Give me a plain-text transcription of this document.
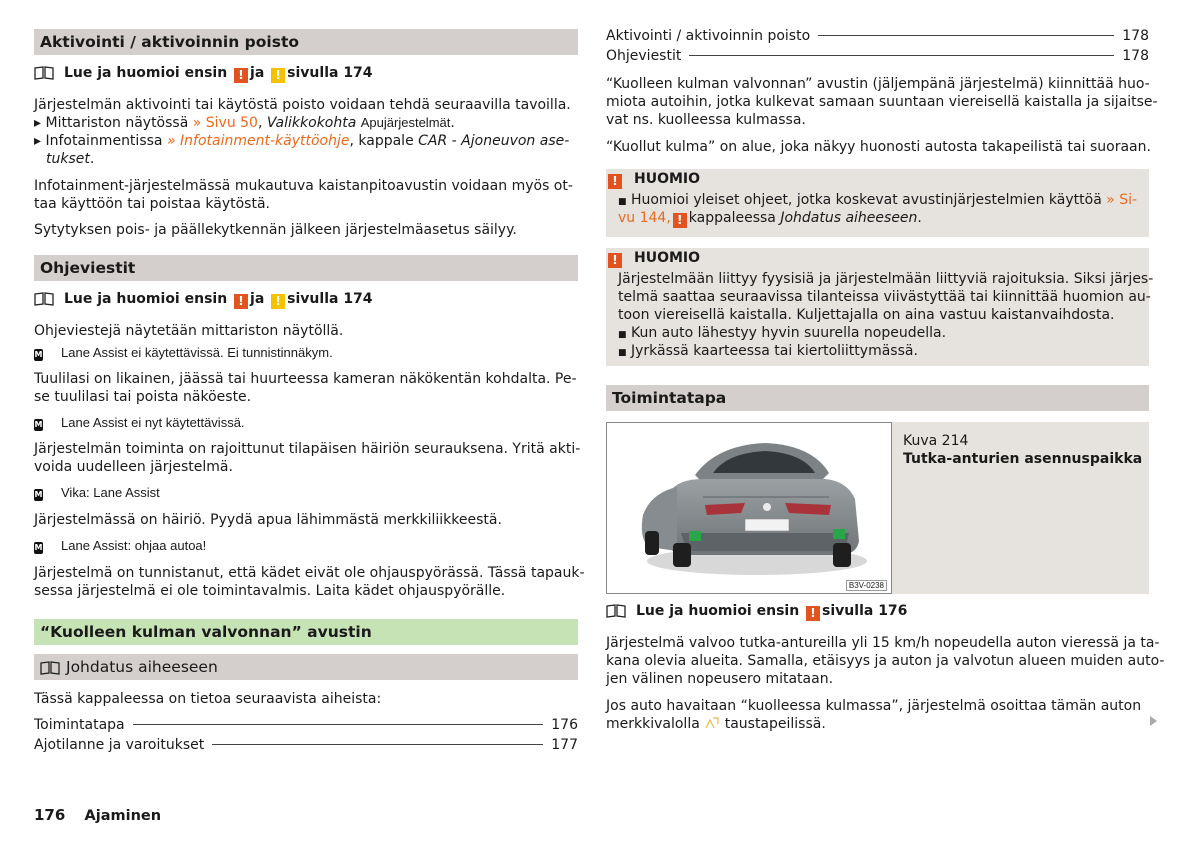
Aktivointi / aktivoinnin poisto
Lue ja huomioi ensin ! ja ! sivulla 174
Järjestelmän aktivointi tai käytöstä poisto voidaan tehdä seuraavilla tavoilla.
▸ Mittariston näytössä » Sivu 50, Valikkokohta Apujärjestelmät.
▸ Infotainmentissa » Infotainment-käyttöohje, kappale CAR - Ajoneuvon ase-
tukset.
Infotainment-järjestelmässä mukautuva kaistanpitoavustin voidaan myös ot-
taa käyttöön tai poistaa käytöstä.
Sytytyksen pois- ja päällekytkennän jälkeen järjestelmäasetus säilyy.
Ohjeviestit
Lue ja huomioi ensin ! ja ! sivulla 174
Ohjeviestejä näytetään mittariston näytöllä.
M Lane Assist ei käytettävissä. Ei tunnistinnäkym.
Tuulilasi on likainen, jäässä tai huurteessa kameran näkökentän kohdalta. Pe-
se tuulilasi tai poista näköeste.
M Lane Assist ei nyt käytettävissä.
Järjestelmän toiminta on rajoittunut tilapäisen häiriön seurauksena. Yritä akti-
voida uudelleen järjestelmä.
M Vika: Lane Assist
Järjestelmässä on häiriö. Pyydä apua lähimmästä merkkiliikkeestä.
M Lane Assist: ohjaa autoa!
Järjestelmä on tunnistanut, että kädet eivät ole ohjauspyörässä. Tässä tapauk-
sessa järjestelmä ei ole toimintavalmis. Laita kädet ohjauspyörälle.
“Kuolleen kulman valvonnan” avustin
Johdatus aiheeseen
Tässä kappaleessa on tietoa seuraavista aiheista:
Toimintatapa	176
Ajotilanne ja varoitukset	177
Aktivointi / aktivoinnin poisto	178
Ohjeviestit	178
“Kuolleen kulman valvonnan” avustin (jäljempänä järjestelmä) kiinnittää huo-
miota autoihin, jotka kulkevat samaan suuntaan viereisellä kaistalla ja sijaitse-
vat ns. kuolleessa kulmassa.
“Kuollut kulma” on alue, joka näkyy huonosti autosta takapeilistä tai suoraan.
! HUOMIO
■ Huomioi yleiset ohjeet, jotka koskevat avustinjärjestelmien käyttöä » Si-
vu 144, ! kappaleessa Johdatus aiheeseen.
! HUOMIO
Järjestelmään liittyy fyysisiä ja järjestelmään liittyviä rajoituksia. Siksi järjes-
telmä saattaa seuraavissa tilanteissa viivästyttää tai kiinnittää huomion au-
toon viereisellä kaistalla. Kuljettajalla on aina vastuu kaistanvaihdosta.
■ Kun auto lähestyy hyvin suurella nopeudella.
■ Jyrkässä kaarteessa tai kiertoliittymässä.
Toimintatapa
B3V-0238
Kuva 214
Tutka-anturien asennuspaikka
Lue ja huomioi ensin ! sivulla 176
Järjestelmä valvoo tutka-antureilla yli 15 km/h nopeudella auton vieressä ja ta-
kana olevia alueita. Samalla, etäisyys ja auton ja valvotun alueen muiden auto-
jen välinen nopeusero mitataan.
Jos auto havaitaan “kuolleessa kulmassa”, järjestelmä osoittaa tämän auton
merkkivalolla taustapeilissä.
176 Ajaminen
